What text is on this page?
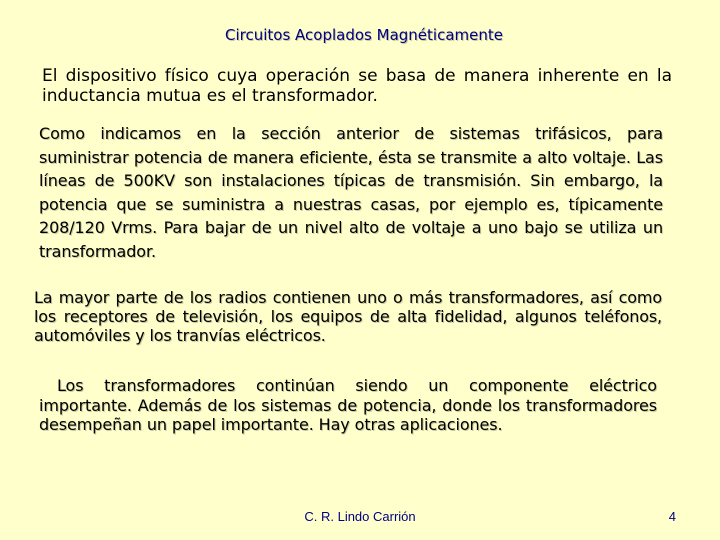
Circuitos Acoplados Magnéticamente

El dispositivo físico cuya operación se basa de manera inherente en la inductancia mutua es el transformador.

Como indicamos en la sección anterior de sistemas trifásicos, para suministrar potencia de manera eficiente, ésta se transmite a alto voltaje. Las líneas de 500KV son instalaciones típicas de transmisión. Sin embargo, la potencia que se suministra a nuestras casas, por ejemplo es, típicamente 208/120 Vrms. Para bajar de un nivel alto de voltaje a uno bajo se utiliza un transformador.

La mayor parte de los radios contienen uno o más transformadores, así como los receptores de televisión, los equipos de alta fidelidad, algunos teléfonos, automóviles y los tranvías eléctricos.

Los transformadores continúan siendo un componente eléctrico importante. Además de los sistemas de potencia, donde los transformadores desempeñan un papel importante. Hay otras aplicaciones.

C. R. Lindo Carrión	4
